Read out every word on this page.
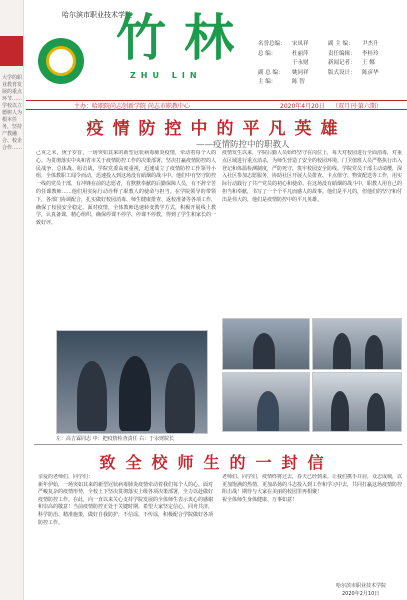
大学的职业教育发展的重点环节……学校以立德树人为根本任务，坚持产教融合、校企合作……
哈尔滨市职业技术学院
竹 林
ZHU LIN
名誉总编：	宋凤祥	副 主 编：	尹杰升
总 编：	杜丽萍	责任编辑：	李桂玲
于永财	新闻记者：	王 娜
副 总 编：	姚同祥	版式设计：	陈彦华
主 编：	陈 智
主办：哈职院尚志创新学院 尚志市职教中心	2020年4月20日 （双月刊·第六期）
疫情防控中的平凡英雄
——疫情防控中的职教人
己亥之末，庚子岁首，一场突如其来的新型冠状病毒肺炎疫情，牵动着每个人的心。为贯彻落实中央和省市关于疫情防控工作的决策部署，坚决打赢疫情防控的人民战争、总体战、阻击战，学院党委高度重视，迅速成立了疫情防控工作领导小组，全体教职工闻令而动，迅速投入到这场没有硝烟的战斗中。他们中有坚守防控一线的党员干部，有冲锋在前的志愿者，有默默奉献的后勤保障人员，有不辞辛苦的任课教师……他们用实际行动诠释了职教人的使命与担当。在学院领导的带领下，各部门协调配合，扎实做好校园消毒、师生健康排查、返校准备等各项工作，确保了校园安全稳定。面对疫情，全体教师迅速转变教学方式，积极开展线上教学，认真备课，精心组织，确保停课不停学、停课不停教，得到了学生和家长的一致好评。
疫情发生以来，学院后勤人员始终坚守在岗位上，每天对校园进行全面消毒，对重点区域进行重点消杀，为师生营造了安全的校园环境。门卫值班人员严格执行出入登记和体温检测制度，严防死守，筑牢校园安全防线。学院党员干部主动请缨，深入社区参加志愿服务，协助社区开展人员排查、卡点值守、物资配送等工作，用实际行动践行了共产党员的初心和使命。在这场没有硝烟的战斗中，职教人用自己的担当和奉献，书写了一个个平凡而感人的故事。他们是平凡的，但他们的坚守和付出是伟大的，他们是疫情防控中的平凡英雄。
左：高吉霖同志 中：把疫情检查责任 右：于永财院长
致全校师生的一封信
亲爱的老师们、同学们：
新年伊始，一场突如其来的新型冠状病毒肺炎疫情牵动着我们每个人的心。面对严峻复杂的疫情形势，全校上下坚决贯彻落实上级各项决策部署，全力以赴做好疫情防控工作。在此，向一直以来关心支持学院发展的全体师生表示衷心的感谢和崇高的敬意！当前疫情防控正处于关键时期，希望大家坚定信心、同舟共济，科学防治、精准施策，做好自我防护，不信谣、不传谣，积极配合学院做好各项防控工作。
老师们、同学们，疫情终将过去，春天已经到来。让我们携手并肩，众志成城，以更加饱满的热情、更加昂扬的斗志投入到工作和学习中去，共同打赢这场疫情防控阻击战！期待与大家在美丽的校园里再相聚！
祝全体师生身体健康、万事如意！
哈尔滨市职业技术学院
2020年2月10日
